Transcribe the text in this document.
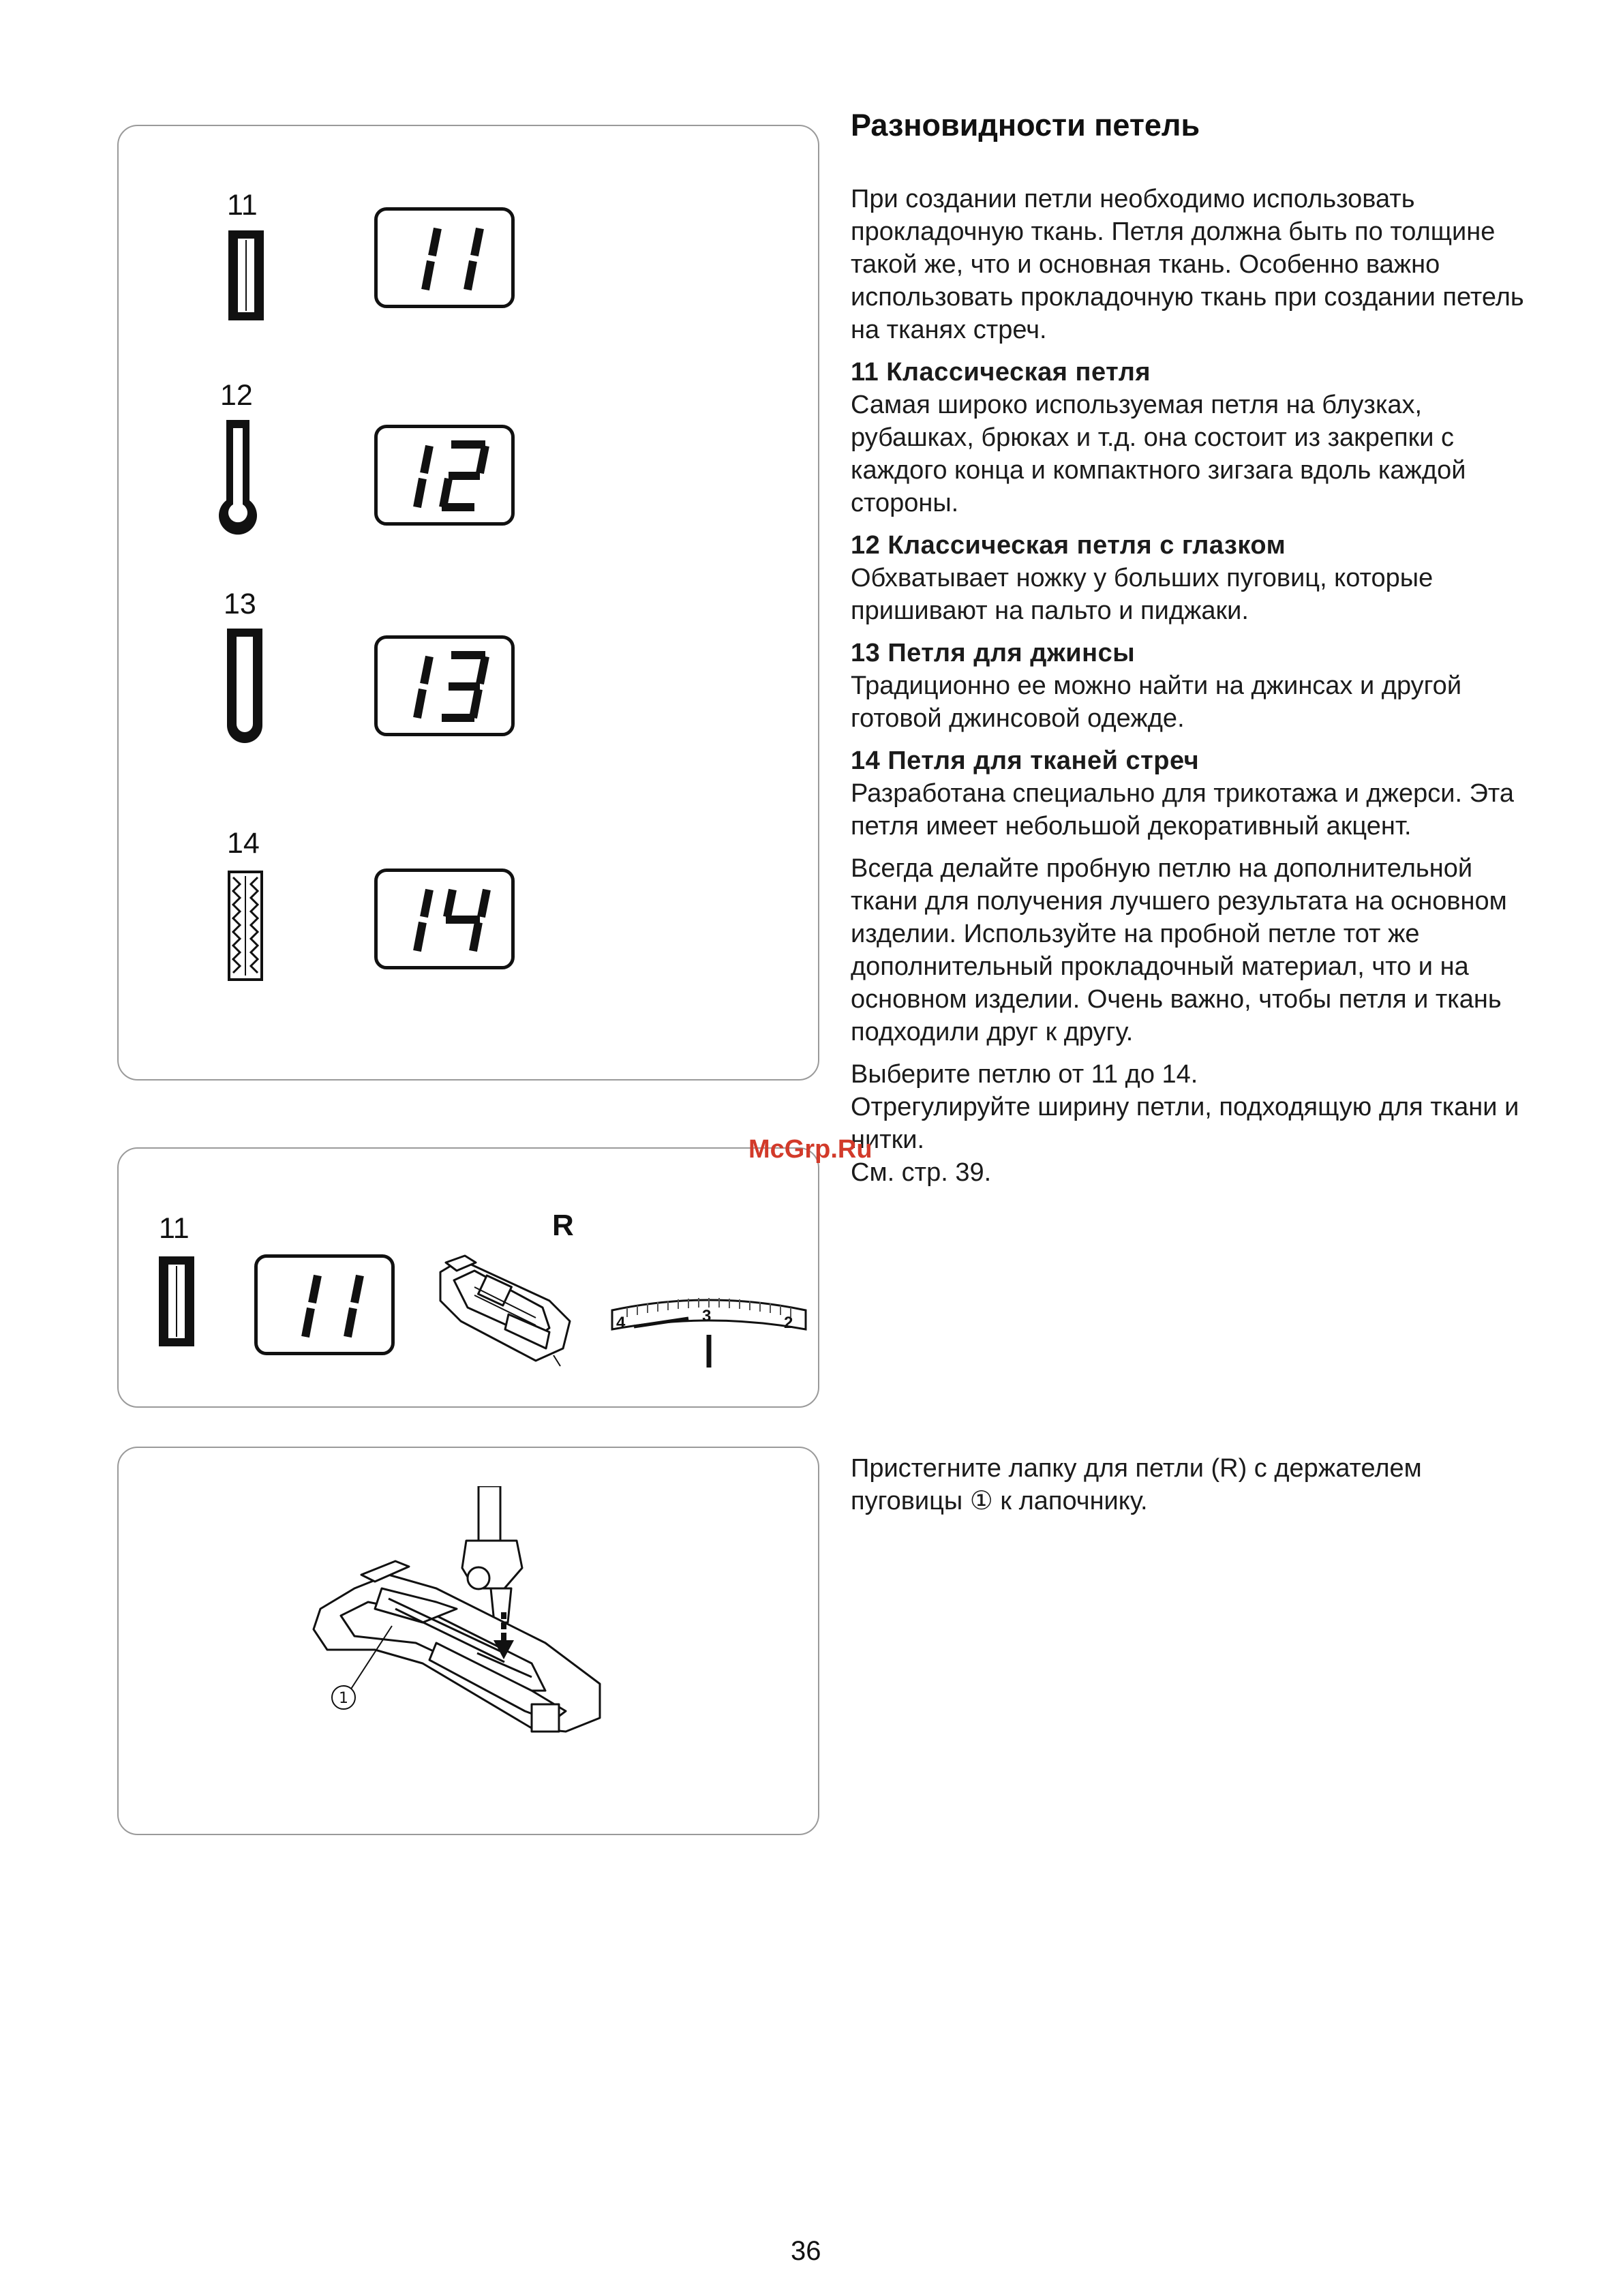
11
12
13
14
11	R
4	3	2
1
Разновидности петель

При создании петли необходимо использовать прокладочную ткань. Петля должна быть по толщине такой же, что и основная ткань. Особенно важно использовать прокладочную ткань при создании петель на тканях стреч.

11 Классическая петля
Самая широко используемая петля на блузках, рубашках, брюках и т.д. она состоит из закрепки с каждого конца и компактного зигзага вдоль каждой стороны.

12 Классическая петля с глазком
Обхватывает ножку у больших пуговиц, которые пришивают на пальто и пиджаки.

13 Петля для джинсы
Традиционно ее можно найти на джинсах и другой готовой джинсовой одежде.

14 Петля для тканей стреч
Разработана специально для трикотажа и джерси. Эта петля имеет небольшой декоративный акцент.

Всегда делайте пробную петлю на дополнительной ткани для получения лучшего результата на основном изделии. Используйте на пробной петле тот же дополнительный прокладочный материал, что и на основном изделии. Очень важно, чтобы петля и ткань подходили друг к другу.

Выберите петлю от 11 до 14.
Отрегулируйте ширину петли, подходящую для ткани и нитки.
См. стр. 39.

Пристегните лапку для петли (R) с держателем пуговицы ① к лапочнику.
McGrp.Ru
36
